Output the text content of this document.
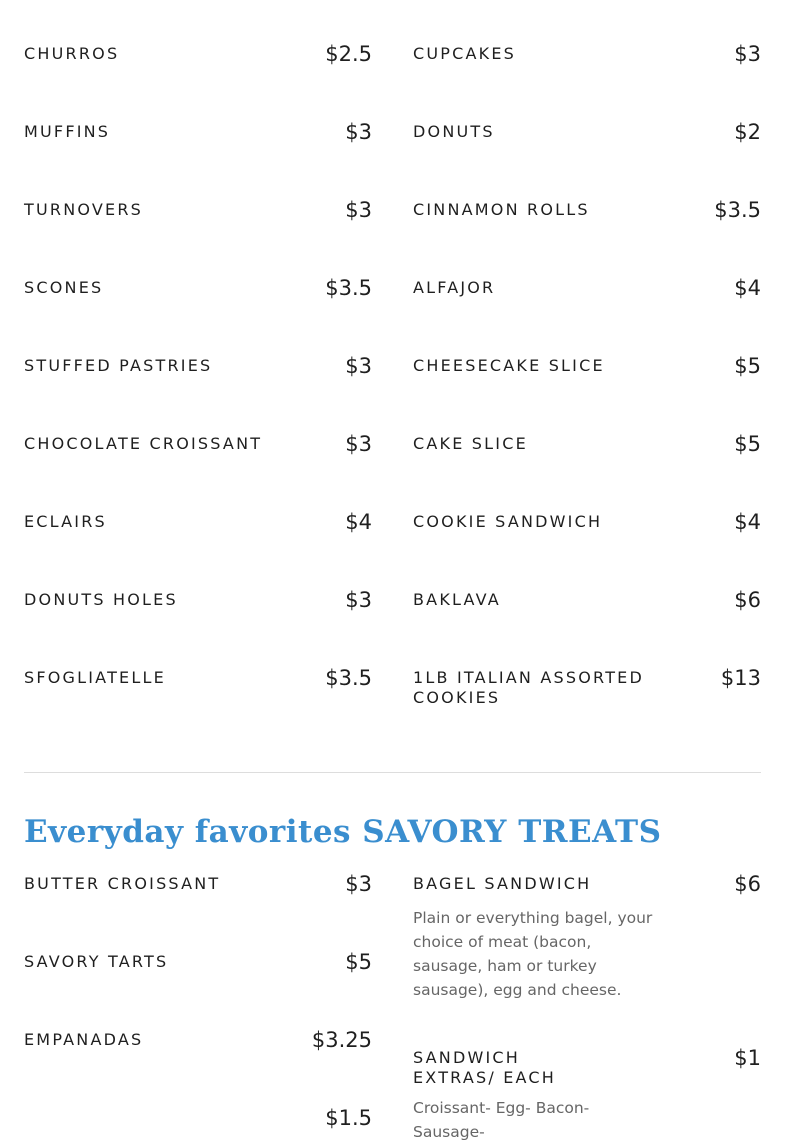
CHURROS	$2.5
MUFFINS	$3
TURNOVERS	$3
SCONES	$3.5
STUFFED PASTRIES	$3
CHOCOLATE CROISSANT	$3
ECLAIRS	$4
DONUTS HOLES	$3
SFOGLIATELLE	$3.5
CUPCAKES	$3
DONUTS	$2
CINNAMON ROLLS	$3.5
ALFAJOR	$4
CHEESECAKE SLICE	$5
CAKE SLICE	$5
COOKIE SANDWICH	$4
BAKLAVA	$6
1LB ITALIAN ASSORTED COOKIES
$13
Everyday favorites SAVORY TREATS
BUTTER CROISSANT	$3
SAVORY TARTS	$5
EMPANADAS	$3.25
$1.5
BAGEL SANDWICH	$6
Plain or everything bagel, your choice of meat (bacon, sausage, ham or turkey sausage), egg and cheese.
SANDWICH EXTRAS/ EACH
$1
Croissant- Egg- Bacon- Sausage-
